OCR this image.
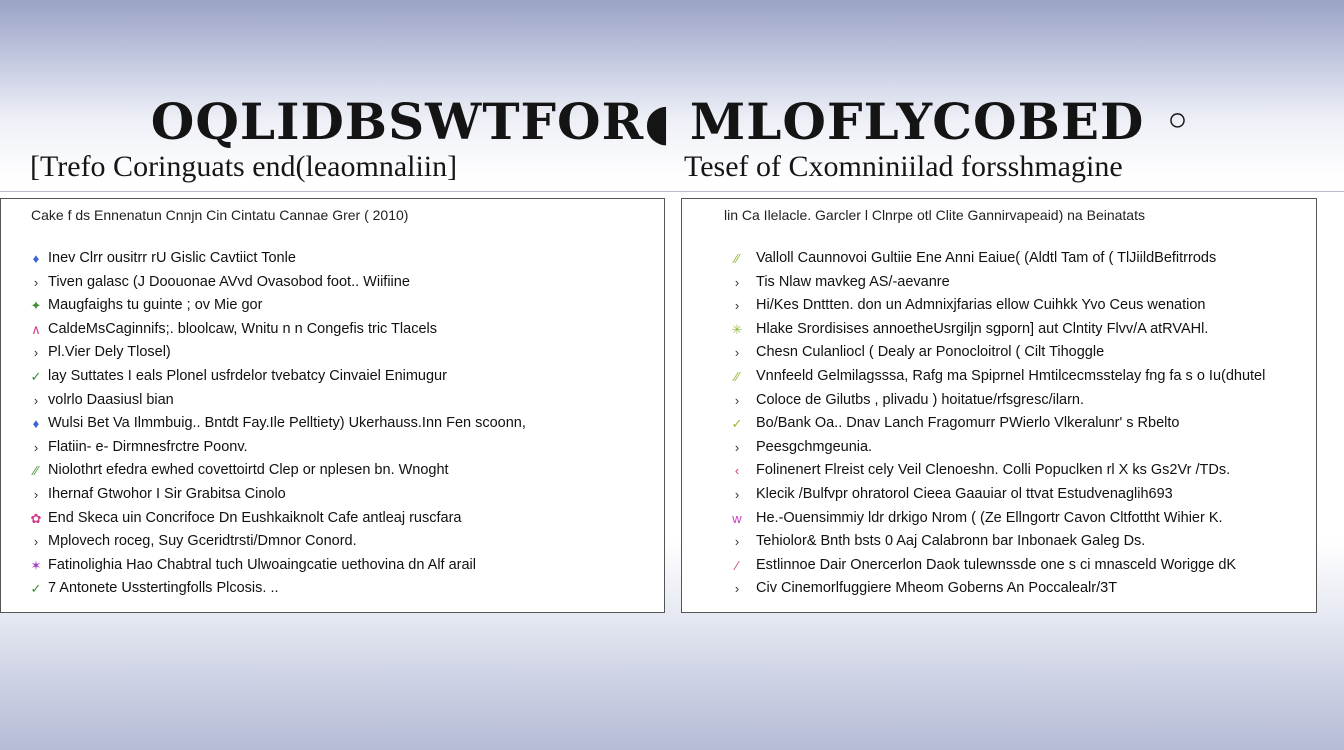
OQLIDBSWTFOR◖ MLOFLYCOBED ◦
[Trefo Coringuats end(leaomnaliin]	Tesef of Cxomniniilad forsshmagine
Cake f ds Ennenatun Cnnjn Cin Cintatu Cannae Grer ( 2010)
♦ Inev Clrr ousitrr rU Gislic Cavtiict Tonle
› Tiven galasc (J Doouonae AVvd Ovasobod foot.. Wiifiine
✦ Maugfaighs tu guinte ; ov Mie gor
∧ CaldeMsCaginnifs;. bloolcaw, Wnitu n n Congefis tric Tlacels
› Pl.Vier Dely Tlosel)
✓ lay Suttates I eals Plonel usfrdelor tvebatcy Cinvaiel Enimugur
› volrlo Daasiusl bian
♦ Wulsi Bet Va Ilmmbuig.. Bntdt Fay.Ile Pelltiety) Ukerhauss.Inn Fen scoonn,
› Flatiin- e- Dirmnesfrctre Poonv.
⁄⁄ Niolothrt efedra ewhed covettoirtd Clep or nplesen bn. Wnoght
› Ihernaf Gtwohor I Sir Grabitsa Cinolo
✿ End Skeca uin Concrifoce Dn Eushkaiknolt Cafe antleaj ruscfara
› Mplovech roceg, Suy Gceridtrsti/Dmnor Conord.
✶ Fatinolighia Hao Chabtral tuch Ulwoaingcatie uethovina dn Alf arail
✓ 7 Antonete Usstertingfolls Plcosis. ..
lin Ca Ilelacle. Garcler l Clnrpe otl Clite Gannirvapeaid) na Beinatats
⁄⁄	Valloll Caunnovoi Gultiie Ene Anni Eaiue( (Aldtl Tam of ( TlJiildBefitrrods
›	Tis Nlaw mavkeg AS/-aevanre
›	Hi/Kes Dnttten. don un Admnixjfarias ellow Cuihkk Yvo Ceus wenation
✳ Hlake Srordisises annoetheUsrgiljn sgporn] aut Clntity Flvv/A atRVAHl.
›	Chesn Culanliocl ( Dealy ar Ponocloitrol ( Cilt Tihoggle
⁄⁄	Vnnfeeld Gelmilagsssa, Rafg ma Spiprnel Hmtilcecmsstelay fng fa s o Iu(dhutel
›	Coloce de Gilutbs , plivadu ) hoitatue/rfsgresc/ilarn.
✓ Bo/Bank Oa.. Dnav Lanch Fragomurr PWierlo Vlkeralunr' s Rbelto
›	Peesgchmgeunia.
‹	Folinenert Flreist cely Veil Clenoeshn. Colli Popuclken rl X ks Gs2Vr /TDs.
›	Klecik /Bulfvpr ohratorol Cieea Gaauiar ol ttvat Estudvenaglih693
ᴡ He.-Ouensimmiy ldr drkigo Nrom ( (Ze Ellngortr Cavon Cltfottht Wihier K.
›	Tehiolor& Bnth bsts 0 Aaj Calabronn bar Inbonaek Galeg Ds.
⁄	Estlinnoe Dair Onercerlon Daok tulewnssde one s ci mnasceld Worigge dK
›	Civ Cinemorlfuggiere Mheom Goberns An Poccalealr/3T
